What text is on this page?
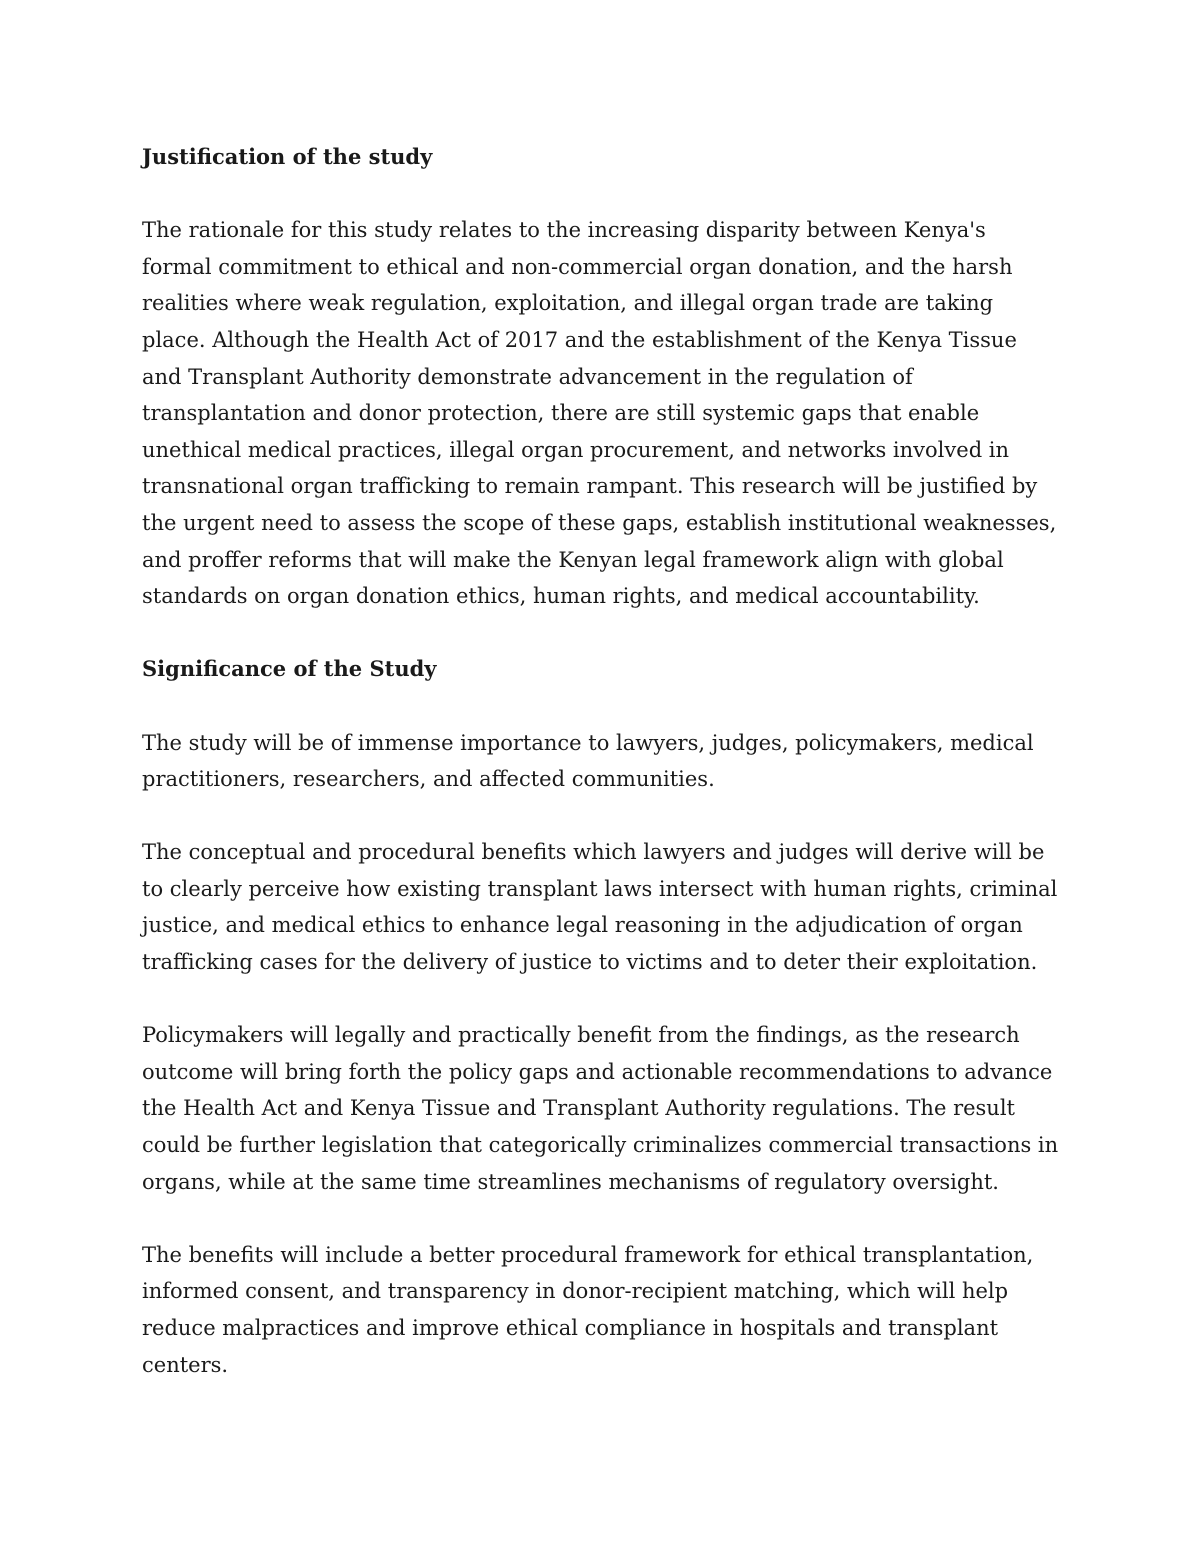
Justification of the study

The rationale for this study relates to the increasing disparity between Kenya's formal commitment to ethical and non-commercial organ donation, and the harsh realities where weak regulation, exploitation, and illegal organ trade are taking place. Although the Health Act of 2017 and the establishment of the Kenya Tissue and Transplant Authority demonstrate advancement in the regulation of transplantation and donor protection, there are still systemic gaps that enable unethical medical practices, illegal organ procurement, and networks involved in transnational organ trafficking to remain rampant. This research will be justified by the urgent need to assess the scope of these gaps, establish institutional weaknesses, and proffer reforms that will make the Kenyan legal framework align with global standards on organ donation ethics, human rights, and medical accountability.

Significance of the Study

The study will be of immense importance to lawyers, judges, policymakers, medical practitioners, researchers, and affected communities.

The conceptual and procedural benefits which lawyers and judges will derive will be to clearly perceive how existing transplant laws intersect with human rights, criminal justice, and medical ethics to enhance legal reasoning in the adjudication of organ trafficking cases for the delivery of justice to victims and to deter their exploitation.

Policymakers will legally and practically benefit from the findings, as the research outcome will bring forth the policy gaps and actionable recommendations to advance the Health Act and Kenya Tissue and Transplant Authority regulations. The result could be further legislation that categorically criminalizes commercial transactions in organs, while at the same time streamlines mechanisms of regulatory oversight.

The benefits will include a better procedural framework for ethical transplantation, informed consent, and transparency in donor-recipient matching, which will help reduce malpractices and improve ethical compliance in hospitals and transplant centers.
